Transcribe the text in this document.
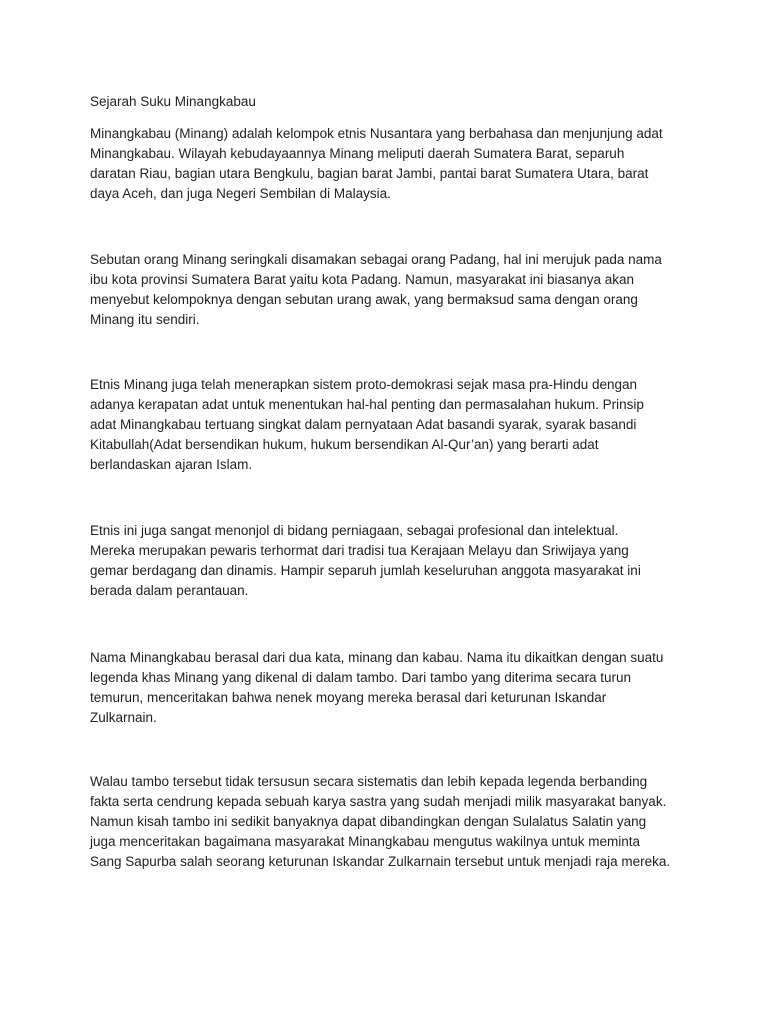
Sejarah Suku Minangkabau
Minangkabau (Minang) adalah kelompok etnis Nusantara yang berbahasa dan menjunjung adat
Minangkabau. Wilayah kebudayaannya Minang meliputi daerah Sumatera Barat, separuh
daratan Riau, bagian utara Bengkulu, bagian barat Jambi, pantai barat Sumatera Utara, barat
daya Aceh, dan juga Negeri Sembilan di Malaysia.
Sebutan orang Minang seringkali disamakan sebagai orang Padang, hal ini merujuk pada nama
ibu kota provinsi Sumatera Barat yaitu kota Padang. Namun, masyarakat ini biasanya akan
menyebut kelompoknya dengan sebutan urang awak, yang bermaksud sama dengan orang
Minang itu sendiri.
Etnis Minang juga telah menerapkan sistem proto-demokrasi sejak masa pra-Hindu dengan
adanya kerapatan adat untuk menentukan hal-hal penting dan permasalahan hukum. Prinsip
adat Minangkabau tertuang singkat dalam pernyataan Adat basandi syarak, syarak basandi
Kitabullah(Adat bersendikan hukum, hukum bersendikan Al-Qur’an) yang berarti adat
berlandaskan ajaran Islam.
Etnis ini juga sangat menonjol di bidang perniagaan, sebagai profesional dan intelektual.
Mereka merupakan pewaris terhormat dari tradisi tua Kerajaan Melayu dan Sriwijaya yang
gemar berdagang dan dinamis. Hampir separuh jumlah keseluruhan anggota masyarakat ini
berada dalam perantauan.
Nama Minangkabau berasal dari dua kata, minang dan kabau. Nama itu dikaitkan dengan suatu
legenda khas Minang yang dikenal di dalam tambo. Dari tambo yang diterima secara turun
temurun, menceritakan bahwa nenek moyang mereka berasal dari keturunan Iskandar
Zulkarnain.
Walau tambo tersebut tidak tersusun secara sistematis dan lebih kepada legenda berbanding
fakta serta cendrung kepada sebuah karya sastra yang sudah menjadi milik masyarakat banyak.
Namun kisah tambo ini sedikit banyaknya dapat dibandingkan dengan Sulalatus Salatin yang
juga menceritakan bagaimana masyarakat Minangkabau mengutus wakilnya untuk meminta
Sang Sapurba salah seorang keturunan Iskandar Zulkarnain tersebut untuk menjadi raja mereka.
